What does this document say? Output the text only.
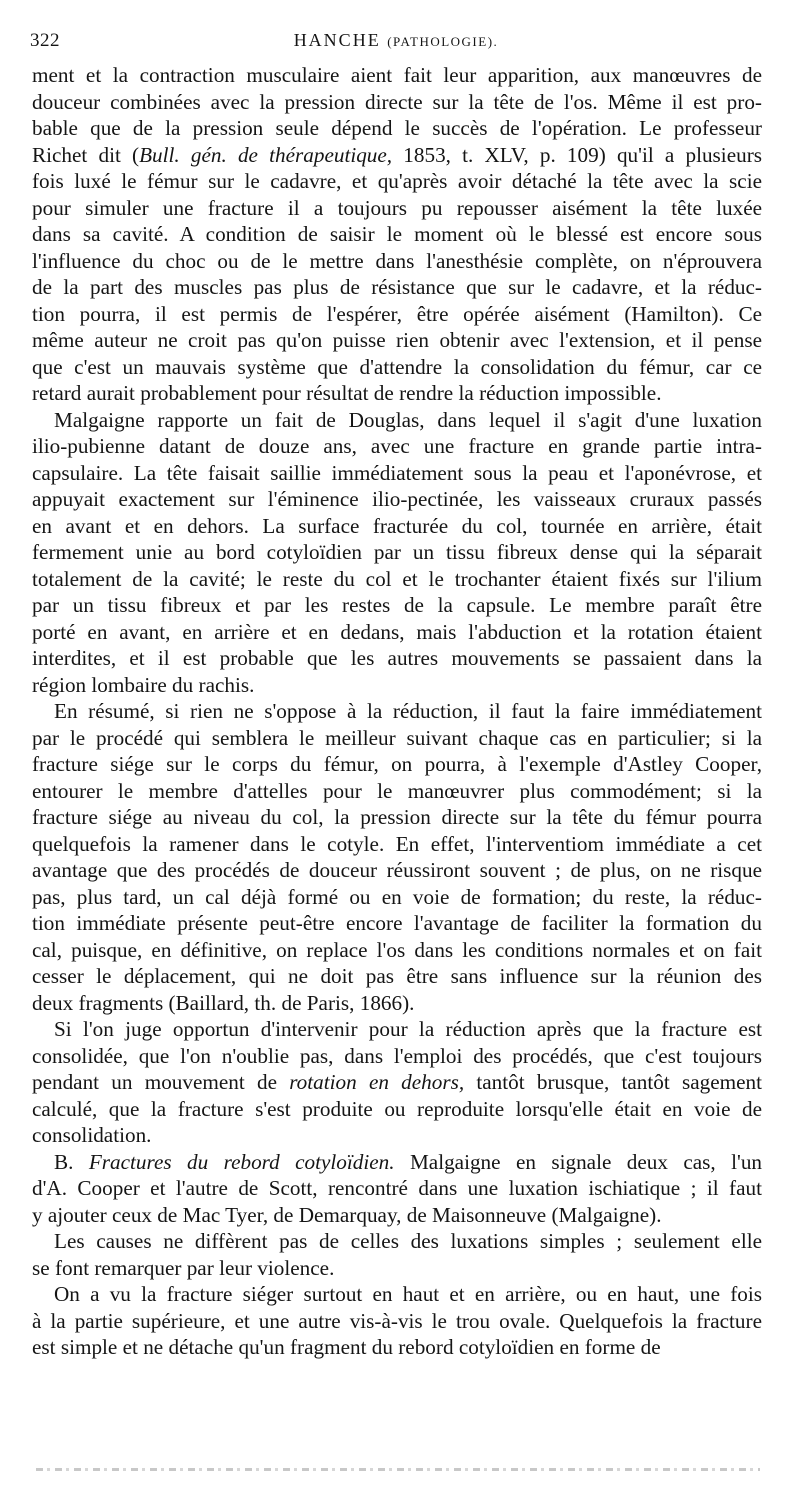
322	HANCHE (PATHOLOGIE).
ment et la contraction musculaire aient fait leur apparition, aux manœuvres de
douceur combinées avec la pression directe sur la tête de l'os. Même il est pro-
bable que de la pression seule dépend le succès de l'opération. Le professeur
Richet dit (Bull. gén. de thérapeutique, 1853, t. XLV, p. 109) qu'il a plusieurs
fois luxé le fémur sur le cadavre, et qu'après avoir détaché la tête avec la scie
pour simuler une fracture il a toujours pu repousser aisément la tête luxée
dans sa cavité. A condition de saisir le moment où le blessé est encore sous
l'influence du choc ou de le mettre dans l'anesthésie complète, on n'éprouvera
de la part des muscles pas plus de résistance que sur le cadavre, et la réduc-
tion pourra, il est permis de l'espérer, être opérée aisément (Hamilton). Ce
même auteur ne croit pas qu'on puisse rien obtenir avec l'extension, et il pense
que c'est un mauvais système que d'attendre la consolidation du fémur, car ce
retard aurait probablement pour résultat de rendre la réduction impossible.
Malgaigne rapporte un fait de Douglas, dans lequel il s'agit d'une luxation
ilio-pubienne datant de douze ans, avec une fracture en grande partie intra-
capsulaire. La tête faisait saillie immédiatement sous la peau et l'aponévrose, et
appuyait exactement sur l'éminence ilio-pectinée, les vaisseaux cruraux passés
en avant et en dehors. La surface fracturée du col, tournée en arrière, était
fermement unie au bord cotyloïdien par un tissu fibreux dense qui la séparait
totalement de la cavité; le reste du col et le trochanter étaient fixés sur l'ilium
par un tissu fibreux et par les restes de la capsule. Le membre paraît être
porté en avant, en arrière et en dedans, mais l'abduction et la rotation étaient
interdites, et il est probable que les autres mouvements se passaient dans la
région lombaire du rachis.
En résumé, si rien ne s'oppose à la réduction, il faut la faire immédiatement
par le procédé qui semblera le meilleur suivant chaque cas en particulier; si la
fracture siége sur le corps du fémur, on pourra, à l'exemple d'Astley Cooper,
entourer le membre d'attelles pour le manœuvrer plus commodément; si la
fracture siége au niveau du col, la pression directe sur la tête du fémur pourra
quelquefois la ramener dans le cotyle. En effet, l'interventiom immédiate a cet
avantage que des procédés de douceur réussiront souvent ; de plus, on ne risque
pas, plus tard, un cal déjà formé ou en voie de formation; du reste, la réduc-
tion immédiate présente peut-être encore l'avantage de faciliter la formation du
cal, puisque, en définitive, on replace l'os dans les conditions normales et on fait
cesser le déplacement, qui ne doit pas être sans influence sur la réunion des
deux fragments (Baillard, th. de Paris, 1866).
Si l'on juge opportun d'intervenir pour la réduction après que la fracture est
consolidée, que l'on n'oublie pas, dans l'emploi des procédés, que c'est toujours
pendant un mouvement de rotation en dehors, tantôt brusque, tantôt sagement
calculé, que la fracture s'est produite ou reproduite lorsqu'elle était en voie de
consolidation.
B. Fractures du rebord cotyloïdien. Malgaigne en signale deux cas, l'un
d'A. Cooper et l'autre de Scott, rencontré dans une luxation ischiatique ; il faut
y ajouter ceux de Mac Tyer, de Demarquay, de Maisonneuve (Malgaigne).
Les causes ne diffèrent pas de celles des luxations simples ; seulement elle
se font remarquer par leur violence.
On a vu la fracture siéger surtout en haut et en arrière, ou en haut, une fois
à la partie supérieure, et une autre vis-à-vis le trou ovale. Quelquefois la fracture
est simple et ne détache qu'un fragment du rebord cotyloïdien en forme de
